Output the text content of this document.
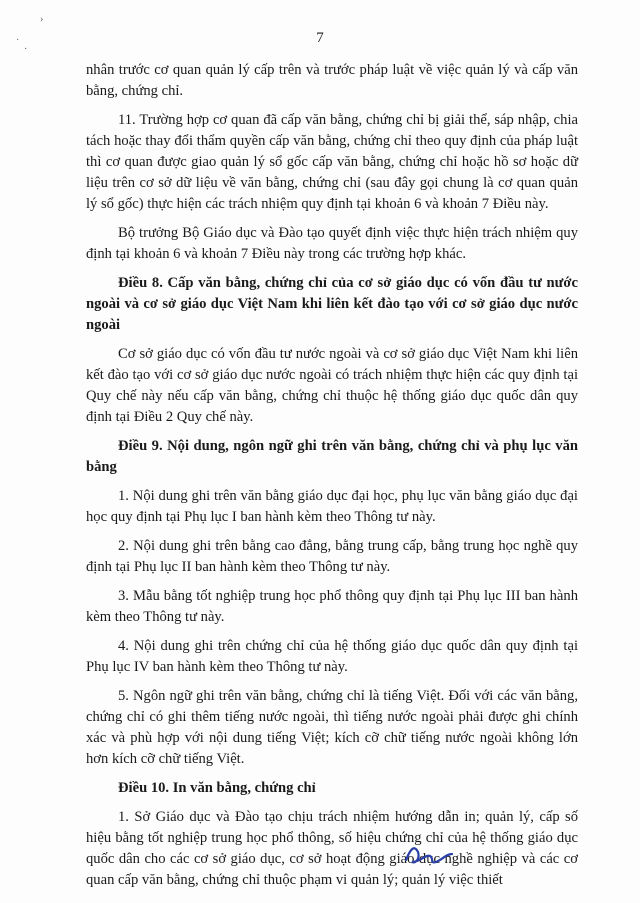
›
˙
·
7

nhân trước cơ quan quản lý cấp trên và trước pháp luật về việc quản lý và cấp văn bằng, chứng chỉ.

11. Trường hợp cơ quan đã cấp văn bằng, chứng chỉ bị giải thể, sáp nhập, chia tách hoặc thay đổi thẩm quyền cấp văn bằng, chứng chỉ theo quy định của pháp luật thì cơ quan được giao quản lý sổ gốc cấp văn bằng, chứng chỉ hoặc hồ sơ hoặc dữ liệu trên cơ sở dữ liệu về văn bằng, chứng chỉ (sau đây gọi chung là cơ quan quản lý sổ gốc) thực hiện các trách nhiệm quy định tại khoản 6 và khoản 7 Điều này.

Bộ trưởng Bộ Giáo dục và Đào tạo quyết định việc thực hiện trách nhiệm quy định tại khoản 6 và khoản 7 Điều này trong các trường hợp khác.

Điều 8. Cấp văn bằng, chứng chỉ của cơ sở giáo dục có vốn đầu tư nước ngoài và cơ sở giáo dục Việt Nam khi liên kết đào tạo với cơ sở giáo dục nước ngoài

Cơ sở giáo dục có vốn đầu tư nước ngoài và cơ sở giáo dục Việt Nam khi liên kết đào tạo với cơ sở giáo dục nước ngoài có trách nhiệm thực hiện các quy định tại Quy chế này nếu cấp văn bằng, chứng chỉ thuộc hệ thống giáo dục quốc dân quy định tại Điều 2 Quy chế này.

Điều 9. Nội dung, ngôn ngữ ghi trên văn bằng, chứng chỉ và phụ lục văn bằng

1. Nội dung ghi trên văn bằng giáo dục đại học, phụ lục văn bằng giáo dục đại học quy định tại Phụ lục I ban hành kèm theo Thông tư này.

2. Nội dung ghi trên bằng cao đẳng, bằng trung cấp, bằng trung học nghề quy định tại Phụ lục II ban hành kèm theo Thông tư này.

3. Mẫu bằng tốt nghiệp trung học phổ thông quy định tại Phụ lục III ban hành kèm theo Thông tư này.

4. Nội dung ghi trên chứng chỉ của hệ thống giáo dục quốc dân quy định tại Phụ lục IV ban hành kèm theo Thông tư này.

5. Ngôn ngữ ghi trên văn bằng, chứng chỉ là tiếng Việt. Đối với các văn bằng, chứng chỉ có ghi thêm tiếng nước ngoài, thì tiếng nước ngoài phải được ghi chính xác và phù hợp với nội dung tiếng Việt; kích cỡ chữ tiếng nước ngoài không lớn hơn kích cỡ chữ tiếng Việt.

Điều 10. In văn bằng, chứng chỉ

1. Sở Giáo dục và Đào tạo chịu trách nhiệm hướng dẫn in; quản lý, cấp số hiệu bằng tốt nghiệp trung học phổ thông, số hiệu chứng chỉ của hệ thống giáo dục quốc dân cho các cơ sở giáo dục, cơ sở hoạt động giáo dục nghề nghiệp và các cơ quan cấp văn bằng, chứng chỉ thuộc phạm vi quản lý; quản lý việc thiết
